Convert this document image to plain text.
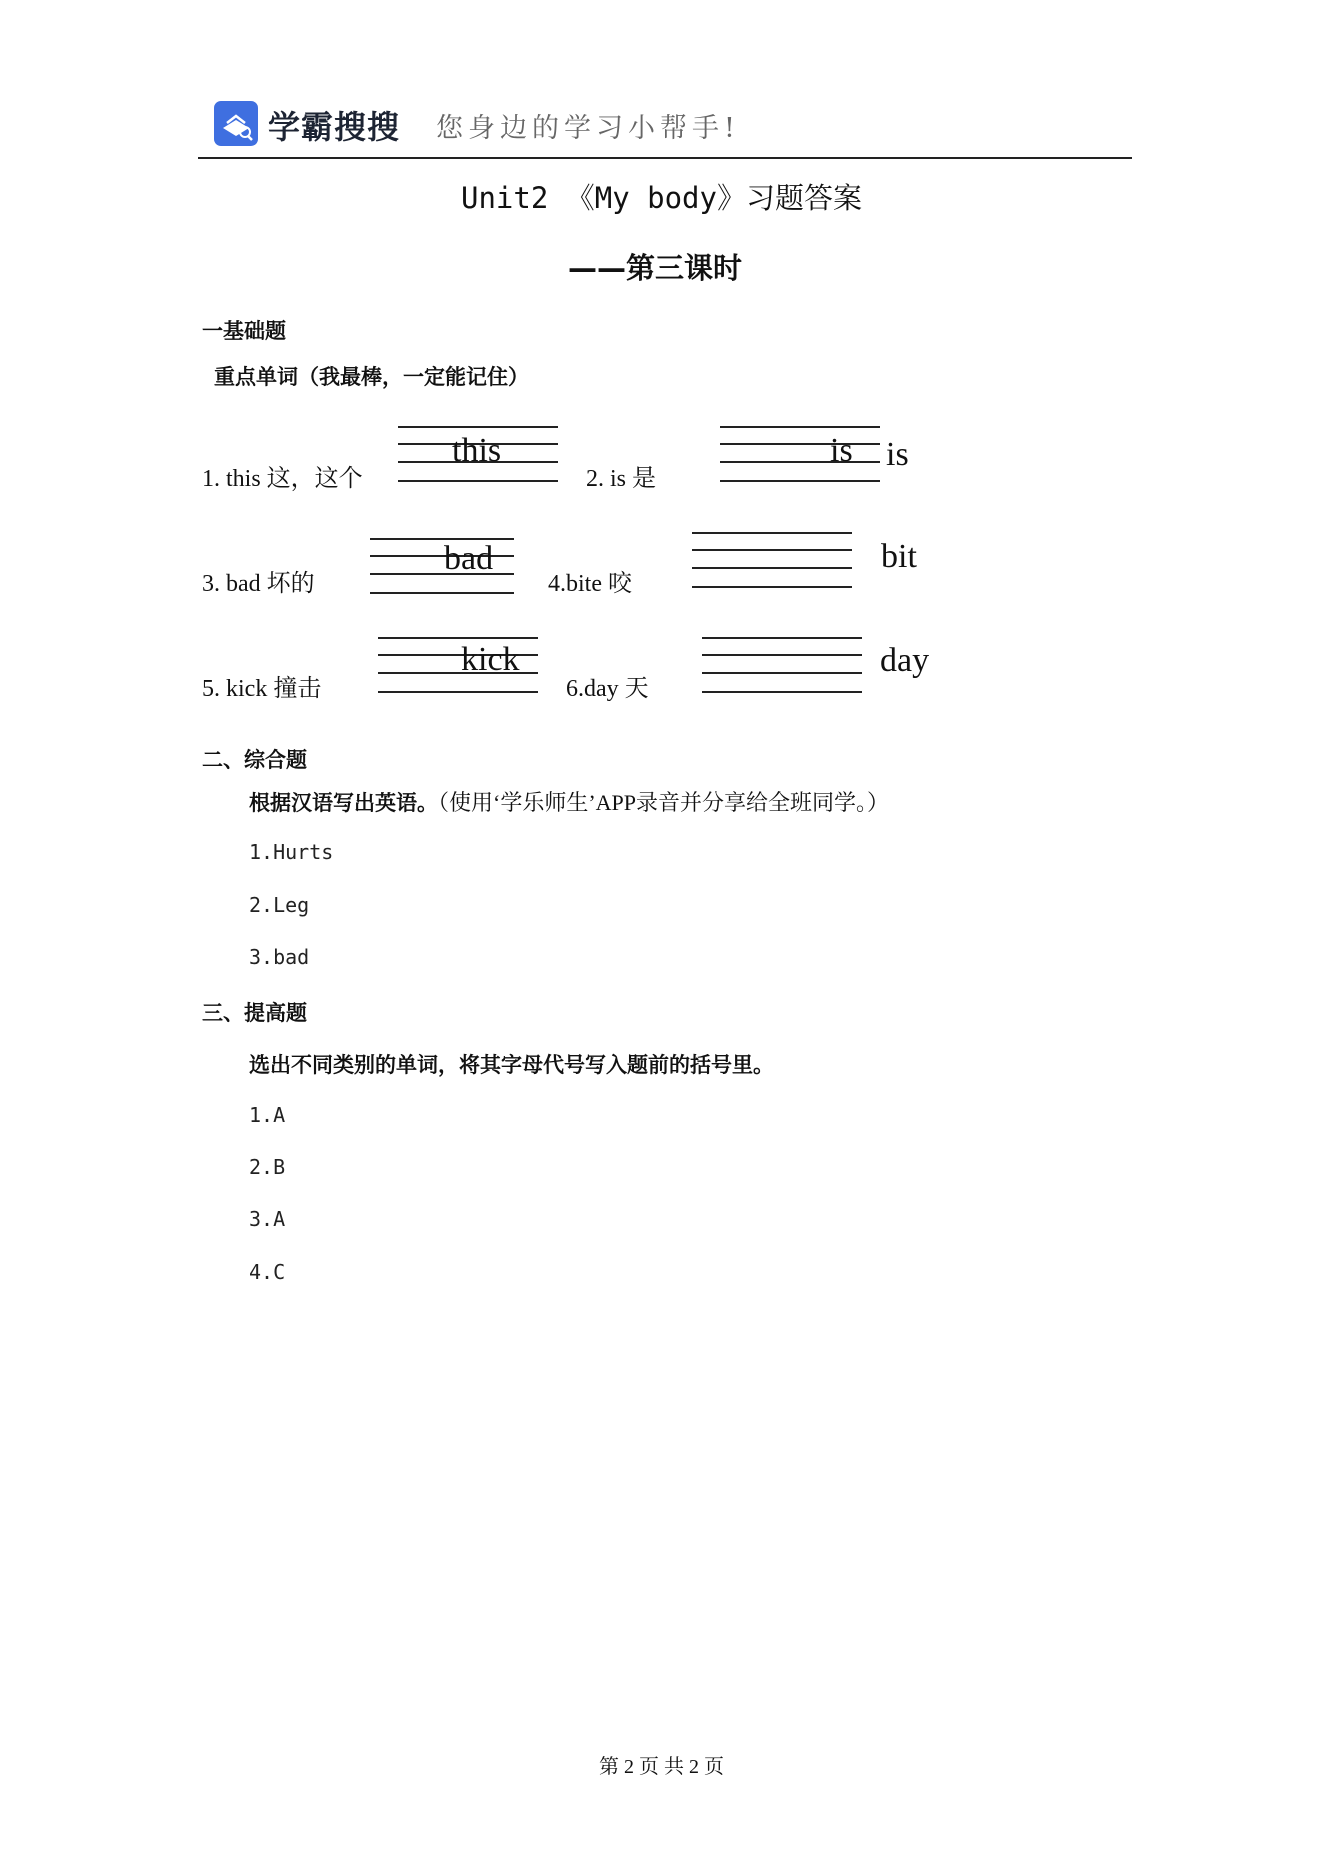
学霸搜搜 您身边的学习小帮手!
Unit2 《My body》习题答案
——第三课时
一基础题
重点单词（我最棒，一定能记住）
1. this 这，这个
this
2. is 是
is is
3. bad 坏的
bad
4.bite 咬
bit
5. kick 撞击
kick
6.day 天
day
二、综合题
根据汉语写出英语。（使用‘学乐师生’APP录音并分享给全班同学。）
1.Hurts
2.Leg
3.bad
三、提高题
选出不同类别的单词，将其字母代号写入题前的括号里。
1.A
2.B
3.A
4.C
第 2 页 共 2 页
